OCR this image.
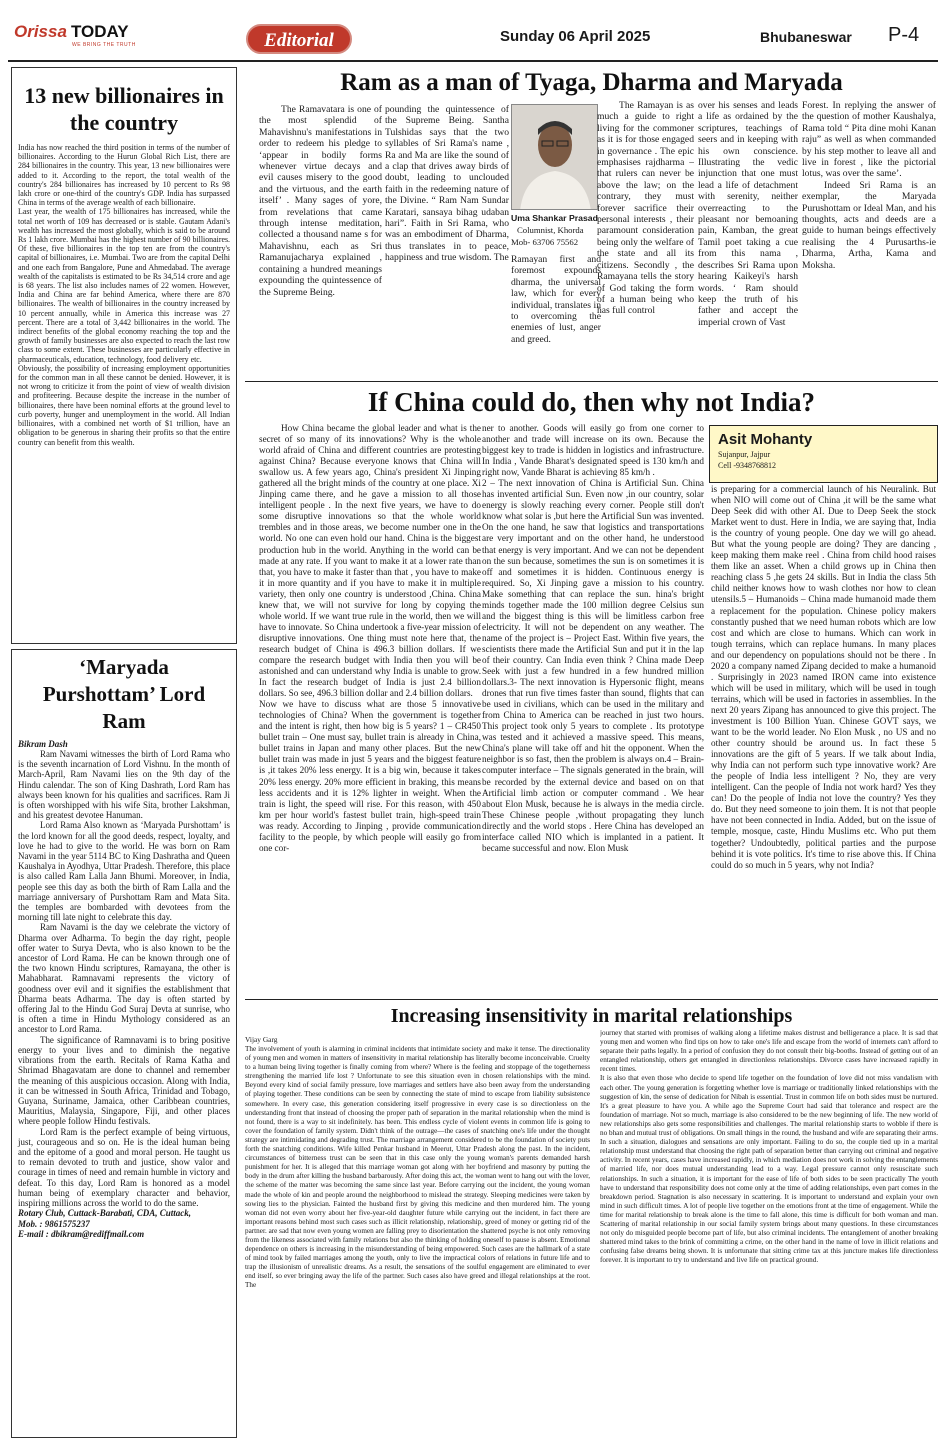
Orissa TODAY
WE BRING THE TRUTH	Editorial	Sunday 06 April 2025	Bhubaneswar P-4
13 new billionaires in the country

India has now reached the third position in terms of the number of billionaires. According to the Hurun Global Rich List, there are 284 billionaires in the country. This year, 13 new billionaires were added to it. According to the report, the total wealth of the country's 284 billionaires has increased by 10 percent to Rs 98 lakh crore or one-third of the country's GDP. India has surpassed China in terms of the average wealth of each billionaire.

Last year, the wealth of 175 billionaires has increased, while the total net worth of 109 has decreased or is stable. Gautam Adani's wealth has increased the most globally, which is said to be around Rs 1 lakh crore. Mumbai has the highest number of 90 billionaires. Of these, five billionaires in the top ten are from the country's capital of billionaires, i.e. Mumbai. Two are from the capital Delhi and one each from Bangalore, Pune and Ahmedabad. The average wealth of the capitalists is estimated to be Rs 34,514 crore and age is 68 years. The list also includes names of 22 women. However, India and China are far behind America, where there are 870 billionaires. The wealth of billionaires in the country increased by 10 percent annually, while in America this increase was 27 percent. There are a total of 3,442 billionaires in the world. The indirect benefits of the global economy reaching the top and the growth of family businesses are also expected to reach the last row class to some extent. These businesses are particularly effective in pharmaceuticals, education, technology, food delivery etc.

Obviously, the possibility of increasing employment opportunities for the common man in all these cannot be denied. However, it is not wrong to criticize it from the point of view of wealth division and profiteering. Because despite the increase in the number of billionaires, there have been nominal efforts at the ground level to curb poverty, hunger and unemployment in the world. All Indian billionaires, with a combined net worth of $1 trillion, have an obligation to be generous in sharing their profits so that the entire country can benefit from this wealth.

‘Maryada Purshottam’ Lord Ram

Bikram Dash

Ram Navami witnesses the birth of Lord Rama who is the seventh incarnation of Lord Vishnu. In the month of March-April, Ram Navami lies on the 9th day of the Hindu calendar. The son of King Dashrath, Lord Ram has always been known for his qualities and sacrifices. Ram Ji is often worshipped with his wife Sita, brother Lakshman, and his greatest devotee Hanuman.

Lord Rama Also known as ‘Maryada Purshottam’ is the lord known for all the good deeds, respect, loyalty, and love he had to give to the world. He was born on Ram Navami in the year 5114 BC to King Dashratha and Queen Kaushalya in Ayodhya, Uttar Pradesh. Therefore, this place is also called Ram Lalla Jann Bhumi. Moreover, in India, people see this day as both the birth of Ram Lalla and the marriage anniversary of Purshottam Ram and Mata Sita. the temples are bombarded with devotees from the morning till late night to celebrate this day.

Ram Navami is the day we celebrate the victory of Dharma over Adharma. To begin the day right, people offer water to Surya Devta, who is also known to be the ancestor of Lord Rama. He can be known through one of the two known Hindu scriptures, Ramayana, the other is Mahabharat. Ramnavami represents the victory of goodness over evil and it signifies the establishment that Dharma beats Adharma. The day is often started by offering Jal to the Hindu God Suraj Devta at sunrise, who is often a time in Hindu Mythology considered as an ancestor to Lord Rama.

The significance of Ramnavami is to bring positive energy to your lives and to diminish the negative vibrations from the earth. Recitals of Rama Katha and Shrimad Bhagavatam are done to channel and remember the meaning of this auspicious occasion. Along with India, it can be witnessed in South Africa, Trinidad and Tobago, Guyana, Suriname, Jamaica, other Caribbean countries, Mauritius, Malaysia, Singapore, Fiji, and other places where people follow Hindu festivals.

Lord Ram is the perfect example of being virtuous, just, courageous and so on. He is the ideal human being and the epitome of a good and moral person. He taught us to remain devoted to truth and justice, show valor and courage in times of need and remain humble in victory and defeat. To this day, Lord Ram is honored as a model human being of exemplary character and behavior, inspiring millions across the world to do the same.

Rotary Club, Cuttack-Barabati, CDA, Cuttack,

Mob. : 9861575237

E-mail : dbikram@rediffmail.com

Ram as a man of Tyaga, Dharma and Maryada

Uma Shankar Prasad

Columnist, Khorda

Mob- 63706 75562

The Ramavatara is one of the most splendid of Mahavishnu's manifestations in order to redeem his pledge to ‘appear in bodily forms whenever virtue decays and evil causes misery to the good and the virtuous, and the earth itself’ . Many sages of yore, from revelations that came through intense meditation, collected a thousand name s for Mahavishnu, each as Sri Ramanujacharya explained , containing a hundred meanings expounding the quintessence of the Supreme Being.

pounding the quintessence of the Supreme Being. Santha Tulshidas says that the two syllables of Sri Rama's name , Ra and Ma are like the sound of a clap that drives away birds of doubt, leading to unclouded faith in the redeeming nature of the Divine. “ Ram Nam Sundar Karatari, sansaya bihag udaban hari”. Faith in Sri Rama, who was an embodiment of Dharma, thus translates in to peace, happiness and true wisdom. The Ramayan first and foremost expounds dharma, the universal law, which for every individual, translates in to overcoming the enemies of lust, anger and greed.

The Ramayan is as much a guide to right living for the commoner as it is for those engaged in governance . The epic emphasises rajdharma – that rulers can never be above the law; on the contrary, they must forever sacrifice their personal interests , their paramount consideration being only the welfare of the state and all its citizens. Secondly , the Ramayana tells the story of God taking the form of a human being who has full control

over his senses and leads a life as ordained by the scriptures, teachings of seers and in keeping with his own conscience. Illustrating the vedic injunction that one must lead a life of detachment with serenity, neither overreacting to the pleasant nor bemoaning pain, Kamban, the great Tamil poet taking a cue from this nama , describes Sri Rama upon hearing Kaikeyi's harsh words. ‘ Ram should keep the truth of his father and accept the imperial crown of Vast

Forest. In replying the answer of the question of mother Kaushalya, Rama told “ Pita dine mohi Kanan raju” as well as when commanded by his step mother to leave all and live in forest , like the pictorial lotus, was over the same’.

Indeed Sri Rama is an exemplar, the Maryada Purushottam or Ideal Man, and his thoughts, acts and deeds are a guide to human beings effectively realising the 4 Purusarths-ie Dharma, Artha, Kama and Moksha.

If China could do, then why not India?

How China became the global leader and what is the secret of so many of its innovations? Why is the whole world afraid of China and different countries are protesting against China? Because everyone knows that China will swallow us. A few years ago, China's president Xi Jinping gathered all the bright minds of the country at one place. Xi Jinping came there, and he gave a mission to all those intelligent people . In the next five years, we have to do some disruptive innovations so that the whole world trembles and in those areas, we become number one in the world. No one can even hold our hand. China is the biggest production hub in the world. Anything in the world can be made at any rate. If you want to make it at a lower rate than that, you have to make it faster than that , you have to make it in more quantity and if you have to make it in multiple variety, then only one country is understood ,China. China knew that, we will not survive for long by copying the whole world. If we want true rule in the world, then we will have to innovate. So China undertook a five-year mission of disruptive innovations. One thing must note here that, the research budget of China is 496.3 billion dollars. If we compare the research budget with India then you will be astonished and can understand why India is unable to grow. In fact the research budget of India is just 2.4 billion dollars. So see, 496.3 billion dollar and 2.4 billion dollars.

Now we have to discuss what are those 5 innovative technologies of China? When the government is together and the intent is right, then how big is 5 years? 1 – CR450 bullet train – One must say, bullet train is already in China, bullet trains in Japan and many other places. But the new bullet train was made in just 5 years and the biggest feature is ,it takes 20% less energy. It is a big win, because it takes 20% less energy. 20% more efficient in braking, this means less accidents and it is 12% lighter in weight. When the train is light, the speed will rise. For this reason, with 450 km per hour world's fastest bullet train, high-speed train was ready. According to Jinping , provide communication facility to the people, by which people will easily go from one cor-

ner to another. Goods will easily go from one corner to another and trade will increase on its own. Because the biggest key to trade is hidden in logistics and infrastructure. In India , Vande Bharat's designated speed is 130 km/h and right now, Vande Bharat is achieving 85 km/h .

2 – The next innovation of China is Artificial Sun. China has invented artificial Sun. Even now ,in our country, solar energy is slowly reaching every corner. People still don't know what solar is ,but here the Artificial Sun was invented. On the one hand, he saw that logistics and transportations are very important and on the other hand, he understood that energy is very important. And we can not be dependent on the sun because, sometimes the sun is on sometimes it is off and sometimes it is hidden. Continuous energy is required. So, Xi Jinping gave a mission to his country. Make something that can replace the sun. hina's bright minds together made the 100 million degree Celsius sun and the biggest thing is this will be limitless carbon free electricity. It will not be dependent on any weather. The name of the project is – Project East. Within five years, the scientists there made the Artificial Sun and put it in the lap of their country. Can India even think ? China made Deep Seek with just a few hundred in a few hundred million dollars.3- The next innovation is Hypersonic flight, means drones that run five times faster than sound, flights that can be used in civilians, which can be used in the military and from China to America can be reached in just two hours. This project took only 5 years to complete . Its prototype was tested and it achieved a massive speed. This means, China's plane will take off and hit the opponent. When the neighbor is so fast, then the problem is always on.4 – Brain-computer interface – The signals generated in the brain, will be recorded by the external device and based on on that Artificial limb action or computer command . We hear about Elon Musk, because he is always in the media circle. These Chinese people ,without propagating they lunch directly and the world stops . Here China has developed an interface called NIO which is implanted in a patient. It became successful and now. Elon Musk

Asit Mohanty

Sujanpur, Jajpur

Cell -9348768812

is preparing for a commercial launch of his Neuralink. But when NIO will come out of China ,it will be the same what Deep Seek did with other AI. Due to Deep Seek the stock Market went to dust. Here in India, we are saying that, India is the country of young people. One day we will go ahead. But what the young people are doing? They are dancing , keep making them make reel . China from child hood raises them like an asset. When a child grows up in China then reaching class 5 ,he gets 24 skills. But in India the class 5th child neither knows how to wash clothes nor how to clean utensils.5 – Humanoids – China made humanoid made them a replacement for the population. Chinese policy makers constantly pushed that we need human robots which are low cost and which are close to humans. Which can work in tough terrains, which can replace humans. In many places and our dependency on populations should not be there . In 2020 a company named Zipang decided to make a humanoid . Surprisingly in 2023 named IRON came into existence which will be used in military, which will be used in tough terrains, which will be used in factories in assemblies. In the next 20 years Zipang has announced to give this project. The investment is 100 Billion Yuan. Chinese GOVT says, we want to be the world leader. No Elon Musk , no US and no other country should be around us. In fact these 5 innovations are the gift of 5 years. If we talk about India, why India can not perform such type innovative work? Are the people of India less intelligent ? No, they are very intelligent. Can the people of India not work hard? Yes they can! Do the people of India not love the country? Yes they do. But they need someone to join them. It is not that people have not been connected in India. Added, but on the issue of temple, mosque, caste, Hindu Muslims etc. Who put them together? Undoubtedly, political parties and the purpose behind it is vote politics. It's time to rise above this. If China could do so much in 5 years, why not India?

Increasing insensitivity in marital relationships

Vijay Garg

The involvement of youth is alarming in criminal incidents that intimidate society and make it tense. The directionality of young men and women in matters of insensitivity in marital relationship has literally become inconceivable. Cruelty to a human being living together is finally coming from where? Where is the feeling and stoppage of the togetherness strengthening the married life lost ? Unfortunate to see this situation even in chosen relationships with the mind. Beyond every kind of social family pressure, love marriages and settlers have also been away from the understanding of playing together. These conditions can be seen by connecting the state of mind to escape from liability subsistence somewhere. In every case, this generation considering itself progressive in every case is so directionless on the understanding front that instead of choosing the proper path of separation in the marital relationship when the mind is not found, there is a way to sit indefinitely. has been. This endless cycle of violent events in common life is going to cover the foundation of family system. Didn't think of the outrage—the cases of snatching one's life under the thought strategy are intimidating and degrading trust. The marriage arrangement considered to be the foundation of society puts forth the snatching conditions. Wife killed Penkar husband in Meerut, Uttar Pradesh along the past. In the incident, circumstances of bitterness trust can be seen that in this case only the young woman's parents demanded harsh punishment for her. It is alleged that this marriage woman got along with her boyfriend and masonry by putting the body in the drum after killing the husband barbarously. After doing this act, the woman went to hang out with the lover, the scheme of the matter was becoming the same since last year. Before carrying out the incident, the young woman made the whole of kin and people around the neighborhood to mislead the strategy. Sleeping medicines were taken by sowing lies to the physician. Fainted the husband first by giving this medicine and then murdered him. The young woman did not even worry about her five-year-old daughter future while carrying out the incident, in fact there are important reasons behind most such cases such as illicit relationship, relationship, greed of money or getting rid of the partner. are sad that now even young women are falling prey to disorientation the shattered psyche is not only removing from the likeness associated with family relations but also the thinking of holding oneself to pause is absent. Emotional dependence on others is increasing in the misunderstanding of being empowered. Such cases are the hallmark of a state of mind took by failed marriages among the youth, only to live the impractical colors of relations in future life and to trap the illusionism of unrealistic dreams. As a result, the sensations of the soulful engagement are eliminated to ever end itself, so ever bringing away the life of the partner. Such cases also have greed and illegal relationships at the root. The

journey that started with promises of walking along a lifetime makes distrust and belligerance a place. It is sad that young men and women who find tips on how to take one's life and escape from the world of internets can't afford to separate their paths legally. In a period of confusion they do not consult their big-booths. Instead of getting out of an entangled relationship, others get entangled in directionless relationships. Divorce cases have increased rapidly in recent times.

It is also that even those who decide to spend life together on the foundation of love did not miss vandalism with each other. The young generation is forgetting whether love is marriage or traditionally linked relationships with the suggestion of kin, the sense of dedication for Nibah is essential. Trust in common life on both sides must be nurtured. It's a great pleasure to have you. A while ago the Supreme Court had said that tolerance and respect are the foundation of marriage. Not so much, marriage is also considered to be the new beginning of life. The new world of new relationships also gets some responsibilities and challenges. The marital relationship starts to wobble if there is no bhan and mutual trust of obligations. On small things in the round, the husband and wife are separating their arms. In such a situation, dialogues and sensations are only important. Failing to do so, the couple tied up in a marital relationship must understand that choosing the right path of separation better than carrying out criminal and negative activity. In recent years, cases have increased rapidly, in which mediation does not work in solving the entanglements of married life, nor does mutual understanding lead to a way. Legal pressure cannot only resuscitate such relationships. In such a situation, it is important for the ease of life of both sides to be seen practically The youth have to understand that responsibility does not come only at the time of adding relationships, even part comes in the breakdown period. Stagnation is also necessary in scattering. It is important to understand and explain your own mind in such difficult times. A lot of people live together on the emotions front at the time of engagement. While the time for marital relationship to break alone is the time to fall alone, this time is difficult for both woman and man. Scattering of marital relationship in our social family system brings about many questions. In these circumstances not only do misguided people become part of life, but also criminal incidents. The entanglement of another breaking shattered mind takes to the brink of committing a crime, on the other hand in the name of love in illicit relations and confusing false dreams being shown. It is unfortunate that sitting crime tax at this juncture makes life directionless forever. It is important to try to understand and live life on practical ground.
